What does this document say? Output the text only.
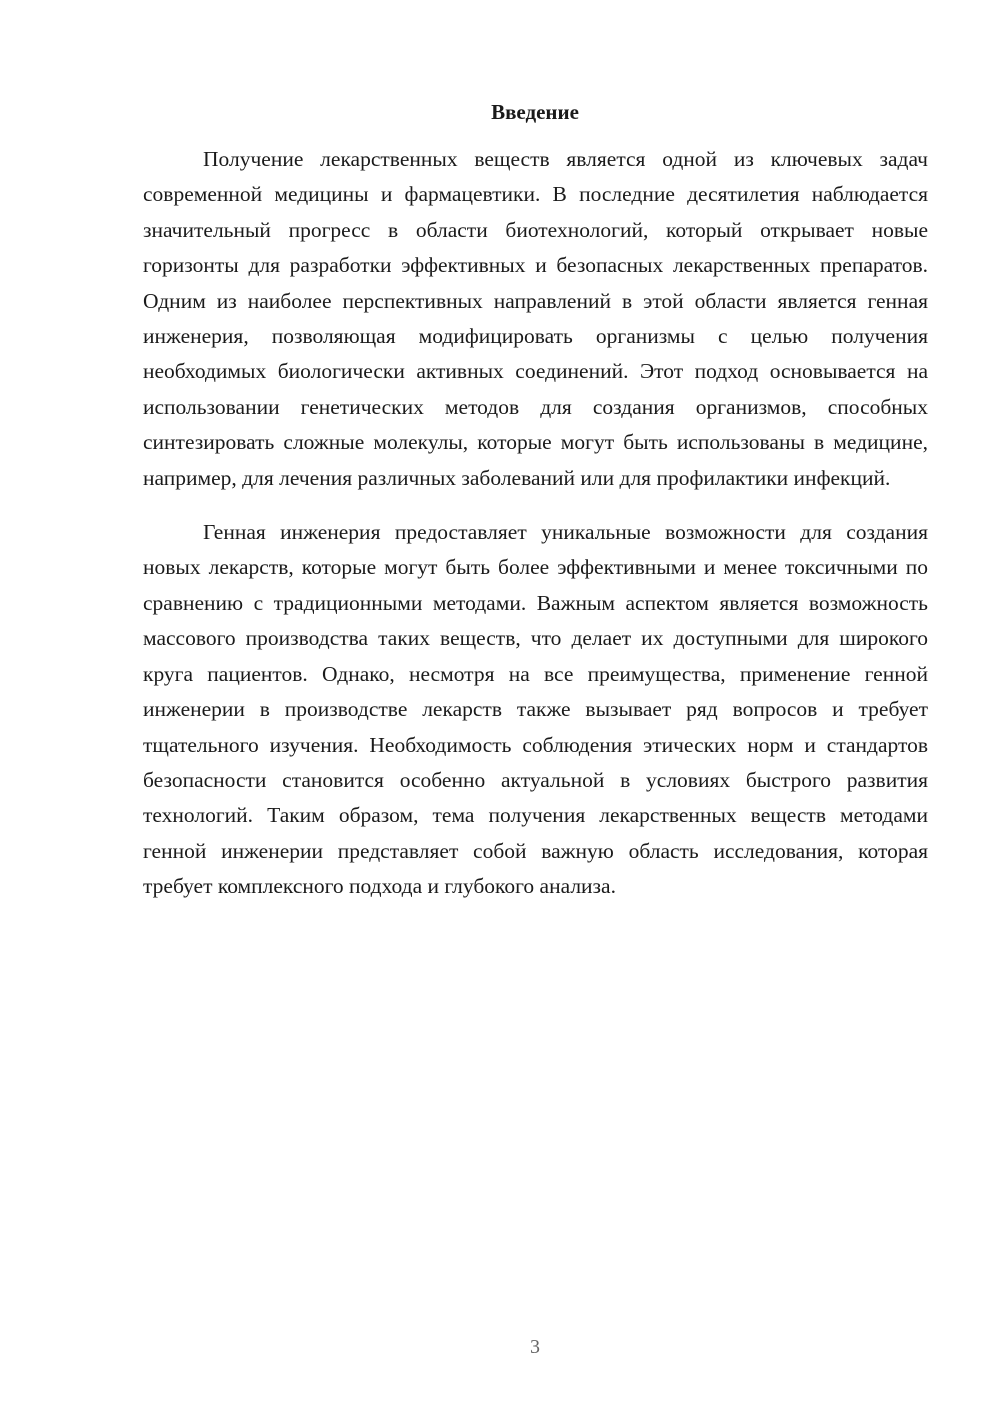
Введение

Получение лекарственных веществ является одной из ключевых задач современной медицины и фармацевтики. В последние десятилетия наблюдается значительный прогресс в области биотехнологий, который открывает новые горизонты для разработки эффективных и безопасных лекарственных препаратов. Одним из наиболее перспективных направлений в этой области является генная инженерия, позволяющая модифицировать организмы с целью получения необходимых биологически активных соединений. Этот подход основывается на использовании генетических методов для создания организмов, способных синтезировать сложные молекулы, которые могут быть использованы в медицине, например, для лечения различных заболеваний или для профилактики инфекций.

Генная инженерия предоставляет уникальные возможности для создания новых лекарств, которые могут быть более эффективными и менее токсичными по сравнению с традиционными методами. Важным аспектом является возможность массового производства таких веществ, что делает их доступными для широкого круга пациентов. Однако, несмотря на все преимущества, применение генной инженерии в производстве лекарств также вызывает ряд вопросов и требует тщательного изучения. Необходимость соблюдения этических норм и стандартов безопасности становится особенно актуальной в условиях быстрого развития технологий. Таким образом, тема получения лекарственных веществ методами генной инженерии представляет собой важную область исследования, которая требует комплексного подхода и глубокого анализа.

3
